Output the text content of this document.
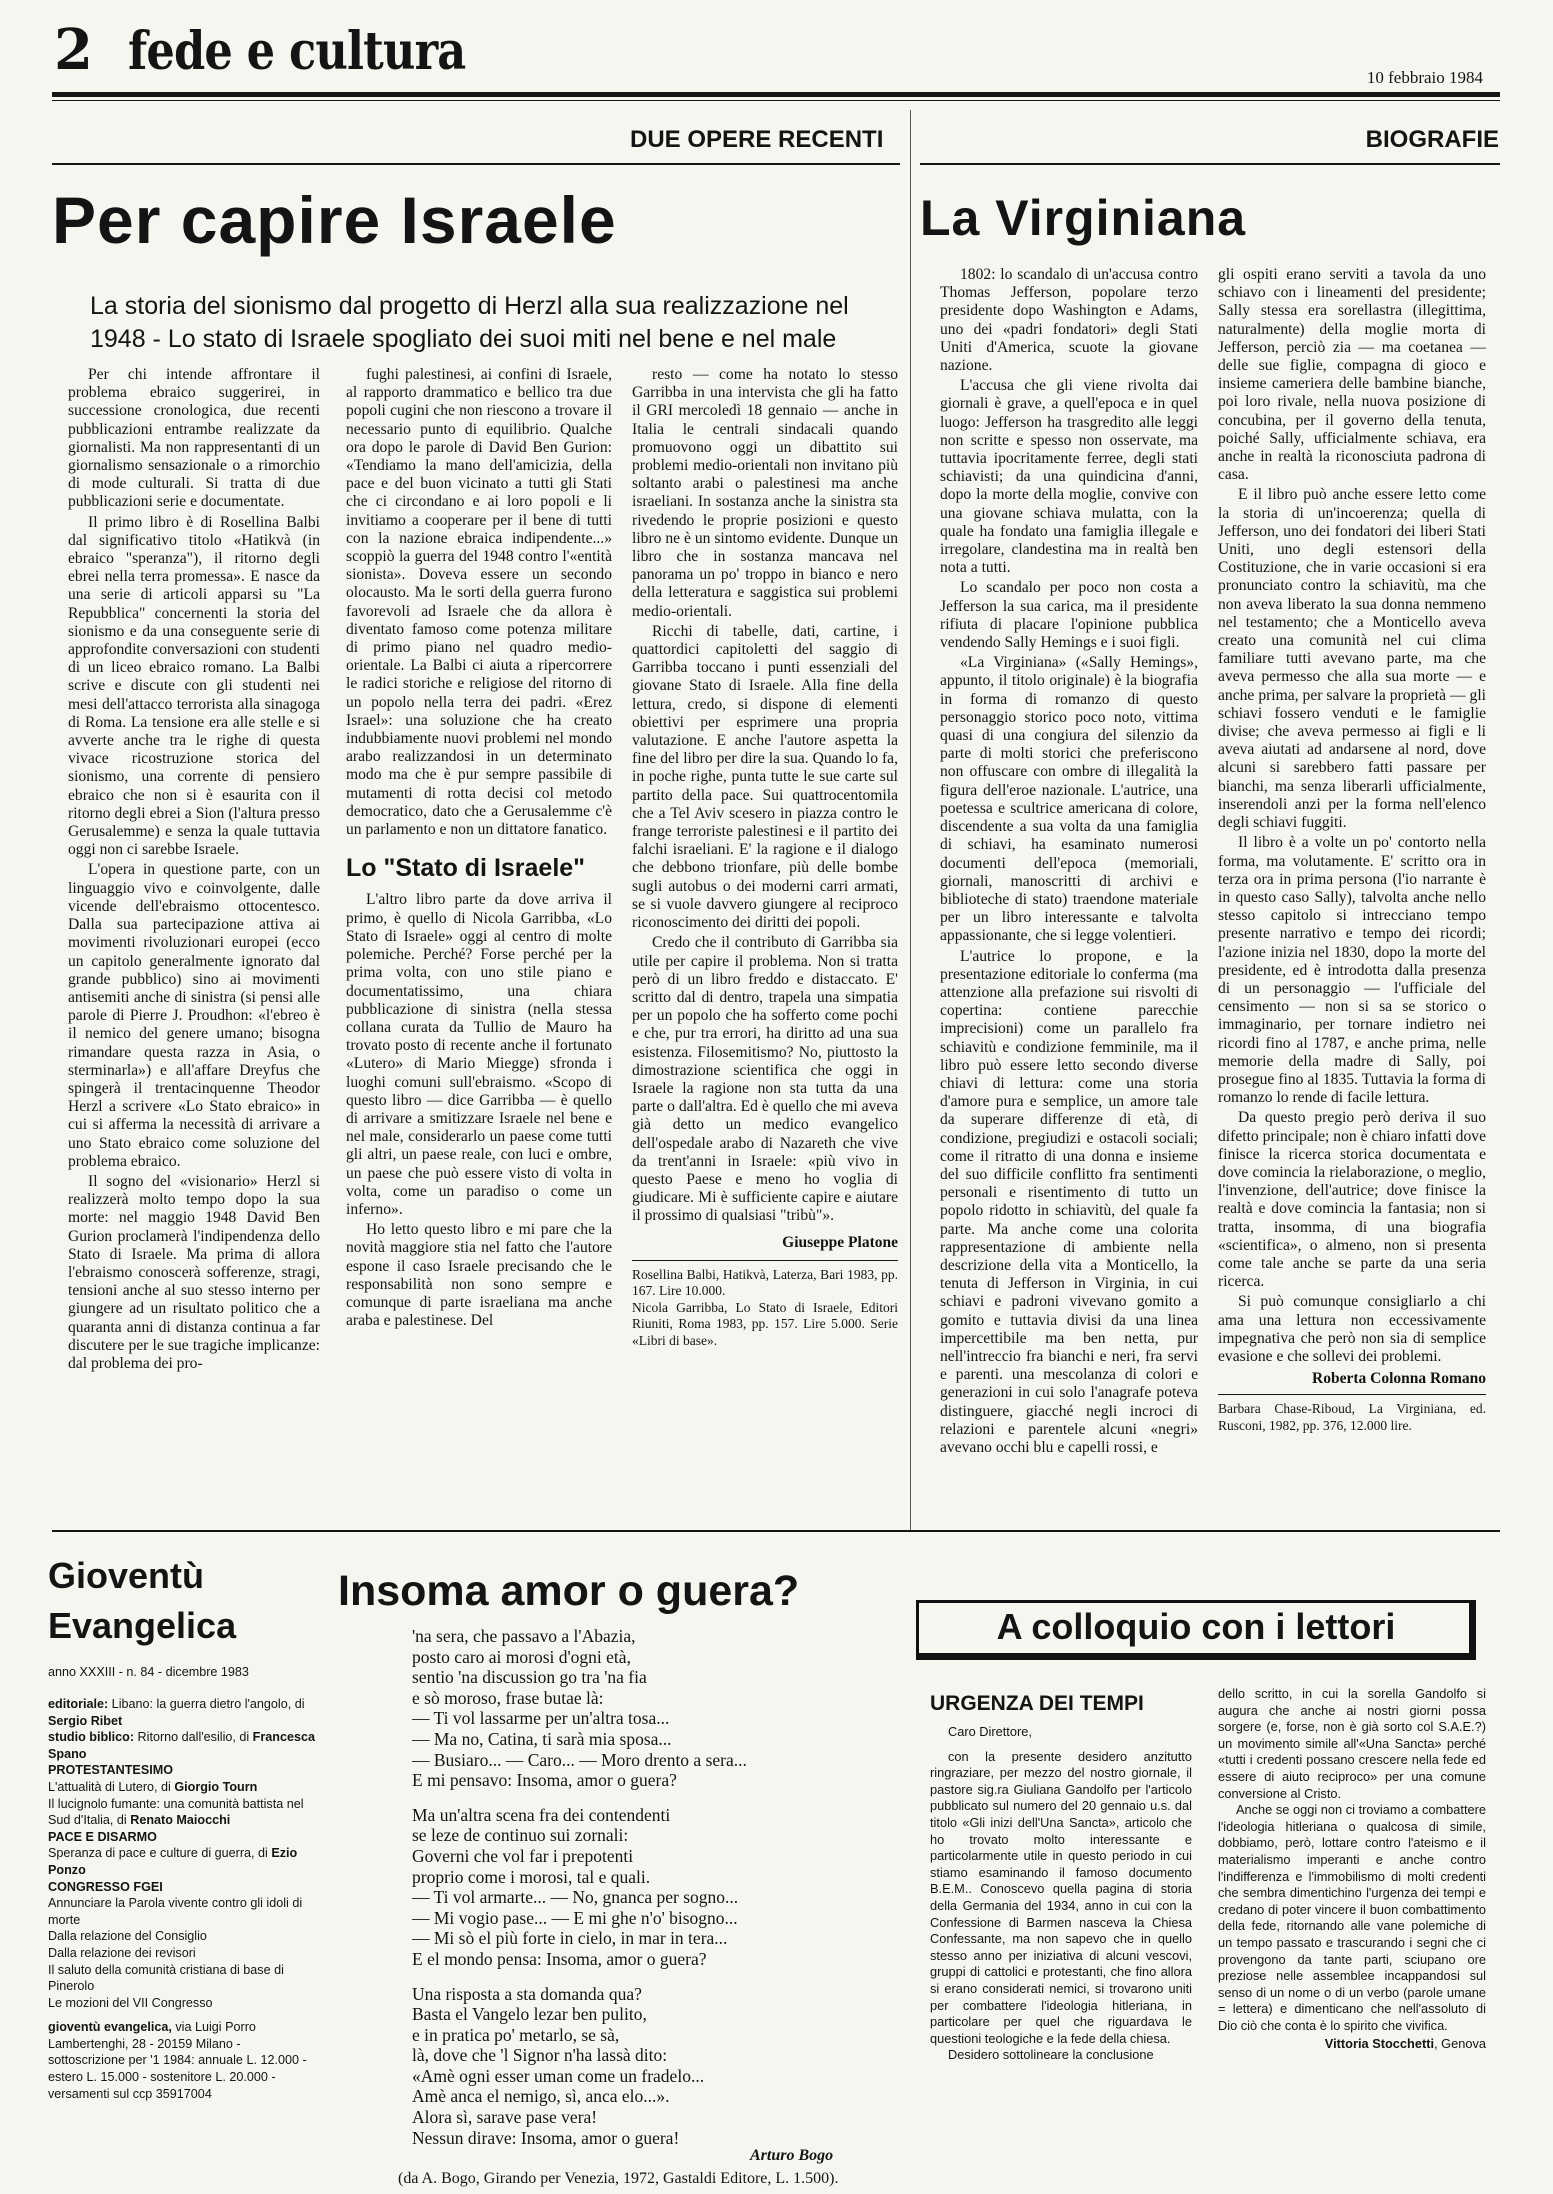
2 fede e cultura	10 febbraio 1984
DUE OPERE RECENTI
Per capire Israele
La storia del sionismo dal progetto di Herzl alla sua realizzazione nel 1948 - Lo stato di Israele spogliato dei suoi miti nel bene e nel male

Per chi intende affrontare il problema ebraico suggerirei, in successione cronologica, due recenti pubblicazioni entrambe realizzate da giornalisti. Ma non rappresentanti di un giornalismo sensazionale o a rimorchio di mode culturali. Si tratta di due pubblicazioni serie e documentate.

Il primo libro è di Rosellina Balbi dal significativo titolo «Hatikvà (in ebraico "speranza"), il ritorno degli ebrei nella terra promessa». E nasce da una serie di articoli apparsi su "La Repubblica" concernenti la storia del sionismo e da una conseguente serie di approfondite conversazioni con studenti di un liceo ebraico romano. La Balbi scrive e discute con gli studenti nei mesi dell'attacco terrorista alla sinagoga di Roma. La tensione era alle stelle e si avverte anche tra le righe di questa vivace ricostruzione storica del sionismo, una corrente di pensiero ebraico che non si è esaurita con il ritorno degli ebrei a Sion (l'altura presso Gerusalemme) e senza la quale tuttavia oggi non ci sarebbe Israele.

L'opera in questione parte, con un linguaggio vivo e coinvolgente, dalle vicende dell'ebraismo ottocentesco. Dalla sua partecipazione attiva ai movimenti rivoluzionari europei (ecco un capitolo generalmente ignorato dal grande pubblico) sino ai movimenti antisemiti anche di sinistra (si pensi alle parole di Pierre J. Proudhon: «l'ebreo è il nemico del genere umano; bisogna rimandare questa razza in Asia, o sterminarla») e all'affare Dreyfus che spingerà il trentacinquenne Theodor Herzl a scrivere «Lo Stato ebraico» in cui si afferma la necessità di arrivare a uno Stato ebraico come soluzione del problema ebraico.

Il sogno del «visionario» Herzl si realizzerà molto tempo dopo la sua morte: nel maggio 1948 David Ben Gurion proclamerà l'indipendenza dello Stato di Israele. Ma prima di allora l'ebraismo conoscerà sofferenze, stragi, tensioni anche al suo stesso interno per giungere ad un risultato politico che a quaranta anni di distanza continua a far discutere per le sue tragiche implicanze: dal problema dei pro-

fughi palestinesi, ai confini di Israele, al rapporto drammatico e bellico tra due popoli cugini che non riescono a trovare il necessario punto di equilibrio. Qualche ora dopo le parole di David Ben Gurion: «Tendiamo la mano dell'amicizia, della pace e del buon vicinato a tutti gli Stati che ci circondano e ai loro popoli e li invitiamo a cooperare per il bene di tutti con la nazione ebraica indipendente...» scoppiò la guerra del 1948 contro l'«entità sionista». Doveva essere un secondo olocausto. Ma le sorti della guerra furono favorevoli ad Israele che da allora è diventato famoso come potenza militare di primo piano nel quadro medio-orientale. La Balbi ci aiuta a ripercorrere le radici storiche e religiose del ritorno di un popolo nella terra dei padri. «Erez Israel»: una soluzione che ha creato indubbiamente nuovi problemi nel mondo arabo realizzandosi in un determinato modo ma che è pur sempre passibile di mutamenti di rotta decisi col metodo democratico, dato che a Gerusalemme c'è un parlamento e non un dittatore fanatico.

Lo "Stato di Israele"

L'altro libro parte da dove arriva il primo, è quello di Nicola Garribba, «Lo Stato di Israele» oggi al centro di molte polemiche. Perché? Forse perché per la prima volta, con uno stile piano e documentatissimo, una chiara pubblicazione di sinistra (nella stessa collana curata da Tullio de Mauro ha trovato posto di recente anche il fortunato «Lutero» di Mario Miegge) sfronda i luoghi comuni sull'ebraismo. «Scopo di questo libro — dice Garribba — è quello di arrivare a smitizzare Israele nel bene e nel male, considerarlo un paese come tutti gli altri, un paese reale, con luci e ombre, un paese che può essere visto di volta in volta, come un paradiso o come un inferno».

Ho letto questo libro e mi pare che la novità maggiore stia nel fatto che l'autore espone il caso Israele precisando che le responsabilità non sono sempre e comunque di parte israeliana ma anche araba e palestinese. Del

resto — come ha notato lo stesso Garribba in una intervista che gli ha fatto il GRI mercoledì 18 gennaio — anche in Italia le centrali sindacali quando promuovono oggi un dibattito sui problemi medio-orientali non invitano più soltanto arabi o palestinesi ma anche israeliani. In sostanza anche la sinistra sta rivedendo le proprie posizioni e questo libro ne è un sintomo evidente. Dunque un libro che in sostanza mancava nel panorama un po' troppo in bianco e nero della letteratura e saggistica sui problemi medio-orientali.

Ricchi di tabelle, dati, cartine, i quattordici capitoletti del saggio di Garribba toccano i punti essenziali del giovane Stato di Israele. Alla fine della lettura, credo, si dispone di elementi obiettivi per esprimere una propria valutazione. E anche l'autore aspetta la fine del libro per dire la sua. Quando lo fa, in poche righe, punta tutte le sue carte sul partito della pace. Sui quattrocentomila che a Tel Aviv scesero in piazza contro le frange terroriste palestinesi e il partito dei falchi israeliani. E' la ragione e il dialogo che debbono trionfare, più delle bombe sugli autobus o dei moderni carri armati, se si vuole davvero giungere al reciproco riconoscimento dei diritti dei popoli.

Credo che il contributo di Garribba sia utile per capire il problema. Non si tratta però di un libro freddo e distaccato. E' scritto dal di dentro, trapela una simpatia per un popolo che ha sofferto come pochi e che, pur tra errori, ha diritto ad una sua esistenza. Filosemitismo? No, piuttosto la dimostrazione scientifica che oggi in Israele la ragione non sta tutta da una parte o dall'altra. Ed è quello che mi aveva già detto un medico evangelico dell'ospedale arabo di Nazareth che vive da trent'anni in Israele: «più vivo in questo Paese e meno ho voglia di giudicare. Mi è sufficiente capire e aiutare il prossimo di qualsiasi "tribù"».

Giuseppe Platone
Rosellina Balbi, Hatikvà, Laterza, Bari 1983, pp. 167. Lire 10.000.
Nicola Garribba, Lo Stato di Israele, Editori Riuniti, Roma 1983, pp. 157. Lire 5.000. Serie «Libri di base».
BIOGRAFIE
La Virginiana

1802: lo scandalo di un'accusa contro Thomas Jefferson, popolare terzo presidente dopo Washington e Adams, uno dei «padri fondatori» degli Stati Uniti d'America, scuote la giovane nazione.

L'accusa che gli viene rivolta dai giornali è grave, a quell'epoca e in quel luogo: Jefferson ha trasgredito alle leggi non scritte e spesso non osservate, ma tuttavia ipocritamente ferree, degli stati schiavisti; da una quindicina d'anni, dopo la morte della moglie, convive con una giovane schiava mulatta, con la quale ha fondato una famiglia illegale e irregolare, clandestina ma in realtà ben nota a tutti.

Lo scandalo per poco non costa a Jefferson la sua carica, ma il presidente rifiuta di placare l'opinione pubblica vendendo Sally Hemings e i suoi figli.

«La Virginiana» («Sally Hemings», appunto, il titolo originale) è la biografia in forma di romanzo di questo personaggio storico poco noto, vittima quasi di una congiura del silenzio da parte di molti storici che preferiscono non offuscare con ombre di illegalità la figura dell'eroe nazionale. L'autrice, una poetessa e scultrice americana di colore, discendente a sua volta da una famiglia di schiavi, ha esaminato numerosi documenti dell'epoca (memoriali, giornali, manoscritti di archivi e biblioteche di stato) traendone materiale per un libro interessante e talvolta appassionante, che si legge volentieri.

L'autrice lo propone, e la presentazione editoriale lo conferma (ma attenzione alla prefazione sui risvolti di copertina: contiene parecchie imprecisioni) come un parallelo fra schiavitù e condizione femminile, ma il libro può essere letto secondo diverse chiavi di lettura: come una storia d'amore pura e semplice, un amore tale da superare differenze di età, di condizione, pregiudizi e ostacoli sociali; come il ritratto di una donna e insieme del suo difficile conflitto fra sentimenti personali e risentimento di tutto un popolo ridotto in schiavitù, del quale fa parte. Ma anche come una colorita rappresentazione di ambiente nella descrizione della vita a Monticello, la tenuta di Jefferson in Virginia, in cui schiavi e padroni vivevano gomito a gomito e tuttavia divisi da una linea impercettibile ma ben netta, pur nell'intreccio fra bianchi e neri, fra servi e parenti. una mescolanza di colori e generazioni in cui solo l'anagrafe poteva distinguere, giacché negli incroci di relazioni e parentele alcuni «negri» avevano occhi blu e capelli rossi, e

gli ospiti erano serviti a tavola da uno schiavo con i lineamenti del presidente; Sally stessa era sorellastra (illegittima, naturalmente) della moglie morta di Jefferson, perciò zia — ma coetanea — delle sue figlie, compagna di gioco e insieme cameriera delle bambine bianche, poi loro rivale, nella nuova posizione di concubina, per il governo della tenuta, poiché Sally, ufficialmente schiava, era anche in realtà la riconosciuta padrona di casa.

E il libro può anche essere letto come la storia di un'incoerenza; quella di Jefferson, uno dei fondatori dei liberi Stati Uniti, uno degli estensori della Costituzione, che in varie occasioni si era pronunciato contro la schiavitù, ma che non aveva liberato la sua donna nemmeno nel testamento; che a Monticello aveva creato una comunità nel cui clima familiare tutti avevano parte, ma che aveva permesso che alla sua morte — e anche prima, per salvare la proprietà — gli schiavi fossero venduti e le famiglie divise; che aveva permesso ai figli e li aveva aiutati ad andarsene al nord, dove alcuni si sarebbero fatti passare per bianchi, ma senza liberarli ufficialmente, inserendoli anzi per la forma nell'elenco degli schiavi fuggiti.

Il libro è a volte un po' contorto nella forma, ma volutamente. E' scritto ora in terza ora in prima persona (l'io narrante è in questo caso Sally), talvolta anche nello stesso capitolo si intrecciano tempo presente narrativo e tempo dei ricordi; l'azione inizia nel 1830, dopo la morte del presidente, ed è introdotta dalla presenza di un personaggio — l'ufficiale del censimento — non si sa se storico o immaginario, per tornare indietro nei ricordi fino al 1787, e anche prima, nelle memorie della madre di Sally, poi prosegue fino al 1835. Tuttavia la forma di romanzo lo rende di facile lettura.

Da questo pregio però deriva il suo difetto principale; non è chiaro infatti dove finisce la ricerca storica documentata e dove comincia la rielaborazione, o meglio, l'invenzione, dell'autrice; dove finisce la realtà e dove comincia la fantasia; non si tratta, insomma, di una biografia «scientifica», o almeno, non si presenta come tale anche se parte da una seria ricerca.

Si può comunque consigliarlo a chi ama una lettura non eccessivamente impegnativa che però non sia di semplice evasione e che sollevi dei problemi.

Roberta Colonna Romano
Barbara Chase-Riboud, La Virginiana, ed. Rusconi, 1982, pp. 376, 12.000 lire.
Gioventù
Evangelica
anno XXXIII - n. 84 - dicembre 1983
editoriale: Libano: la guerra dietro l'angolo, di Sergio Ribet
studio biblico: Ritorno dall'esilio, di Francesca Spano
PROTESTANTESIMO
L'attualità di Lutero, di Giorgio Tourn
Il lucignolo fumante: una comunità battista nel Sud d'Italia, di Renato Maiocchi
PACE E DISARMO
Speranza di pace e culture di guerra, di Ezio Ponzo
CONGRESSO FGEI
Annunciare la Parola vivente contro gli idoli di morte
Dalla relazione del Consiglio
Dalla relazione dei revisori
Il saluto della comunità cristiana di base di Pinerolo
Le mozioni del VII Congresso
gioventù evangelica, via Luigi Porro Lambertenghi, 28 - 20159 Milano - sottoscrizione per '1 1984: annuale L. 12.000 - estero L. 15.000 - sostenitore L. 20.000 - versamenti sul ccp 35917004
Insoma amor o guera?
'na sera, che passavo a l'Abazia,
posto caro ai morosi d'ogni età,
sentio 'na discussion go tra 'na fia
e sò moroso, frase butae là:
— Ti vol lassarme per un'altra tosa...
— Ma no, Catina, ti sarà mia sposa...
— Busiaro... — Caro... — Moro drento a sera...
E mi pensavo: Insoma, amor o guera?
Ma un'altra scena fra dei contendenti
se leze de continuo sui zornali:
Governi che vol far i prepotenti
proprio come i morosi, tal e quali.
— Ti vol armarte... — No, gnanca per sogno...
— Mi vogio pase... — E mi ghe n'o' bisogno...
— Mi sò el più forte in cielo, in mar in tera...
E el mondo pensa: Insoma, amor o guera?
Una risposta a sta domanda qua?
Basta el Vangelo lezar ben pulito,
e in pratica po' metarlo, se sà,
là, dove che 'l Signor n'ha lassà dito:
«Amè ogni esser uman come un fradelo...
Amè anca el nemigo, sì, anca elo...».
Alora sì, sarave pase vera!
Nessun dirave: Insoma, amor o guera!
Arturo Bogo
(da A. Bogo, Girando per Venezia, 1972, Gastaldi Editore, L. 1.500).
A colloquio con i lettori
URGENZA DEI TEMPI
Caro Direttore,

con la presente desidero anzitutto ringraziare, per mezzo del nostro giornale, il pastore sig.ra Giuliana Gandolfo per l'articolo pubblicato sul numero del 20 gennaio u.s. dal titolo «Gli inizi dell'Una Sancta», articolo che ho trovato molto interessante e particolarmente utile in questo periodo in cui stiamo esaminando il famoso documento B.E.M.. Conoscevo quella pagina di storia della Germania del 1934, anno in cui con la Confessione di Barmen nasceva la Chiesa Confessante, ma non sapevo che in quello stesso anno per iniziativa di alcuni vescovi, gruppi di cattolici e protestanti, che fino allora si erano considerati nemici, si trovarono uniti per combattere l'ideologia hitleriana, in particolare per quel che riguardava le questioni teologiche e la fede della chiesa.

Desidero sottolineare la conclusione

dello scritto, in cui la sorella Gandolfo si augura che anche ai nostri giorni possa sorgere (e, forse, non è già sorto col S.A.E.?) un movimento simile all'«Una Sancta» perché «tutti i credenti possano crescere nella fede ed essere di aiuto reciproco» per una comune conversione al Cristo.

Anche se oggi non ci troviamo a combattere l'ideologia hitleriana o qualcosa di simile, dobbiamo, però, lottare contro l'ateismo e il materialismo imperanti e anche contro l'indifferenza e l'immobilismo di molti credenti che sembra dimentichino l'urgenza dei tempi e credano di poter vincere il buon combattimento della fede, ritornando alle vane polemiche di un tempo passato e trascurando i segni che ci provengono da tante parti, sciupano ore preziose nelle assemblee incappandosi sul senso di un nome o di un verbo (parole umane = lettera) e dimenticano che nell'assoluto di Dio ciò che conta è lo spirito che vivifica.

Vittoria Stocchetti, Genova
